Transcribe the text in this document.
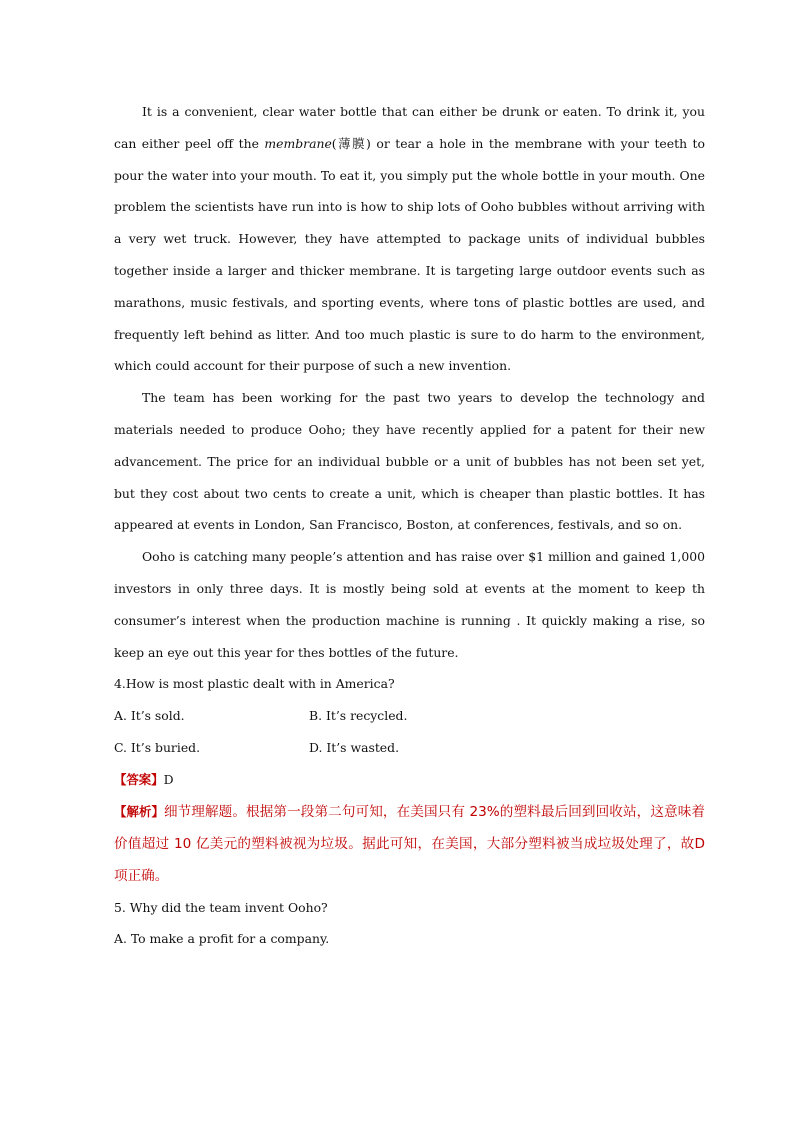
It is a convenient, clear water bottle that can either be drunk or eaten. To drink it, you can either peel off the membrane(薄膜) or tear a hole in the membrane with your teeth to pour the water into your mouth. To eat it, you simply put the whole bottle in your mouth. One problem the scientists have run into is how to ship lots of Ooho bubbles without arriving with a very wet truck. However, they have attempted to package units of individual bubbles together inside a larger and thicker membrane. It is targeting large outdoor events such as marathons, music festivals, and sporting events, where tons of plastic bottles are used, and frequently left behind as litter. And too much plastic is sure to do harm to the environment, which could account for their purpose of such a new invention.

The team has been working for the past two years to develop the technology and materials needed to produce Ooho; they have recently applied for a patent for their new advancement. The price for an individual bubble or a unit of bubbles has not been set yet, but they cost about two cents to create a unit, which is cheaper than plastic bottles. It has appeared at events in London, San Francisco, Boston, at conferences, festivals, and so on.

Ooho is catching many people’s attention and has raise over $1 million and gained 1,000 investors in only three days. It is mostly being sold at events at the moment to keep th consumer’s interest when the production machine is running . It quickly making a rise, so keep an eye out this year for thes bottles of the future.

4.How is most plastic dealt with in America?

A. It’s sold.	B. It’s recycled.
C. It’s buried.	D. It’s wasted.

【答案】D

【解析】细节理解题。根据第一段第二句可知，在美国只有 23%的塑料最后回到回收站，这意味着价值超过 10 亿美元的塑料被视为垃圾。据此可知，在美国，大部分塑料被当成垃圾处理了，故D项正确。

5. Why did the team invent Ooho?

A. To make a profit for a company.
